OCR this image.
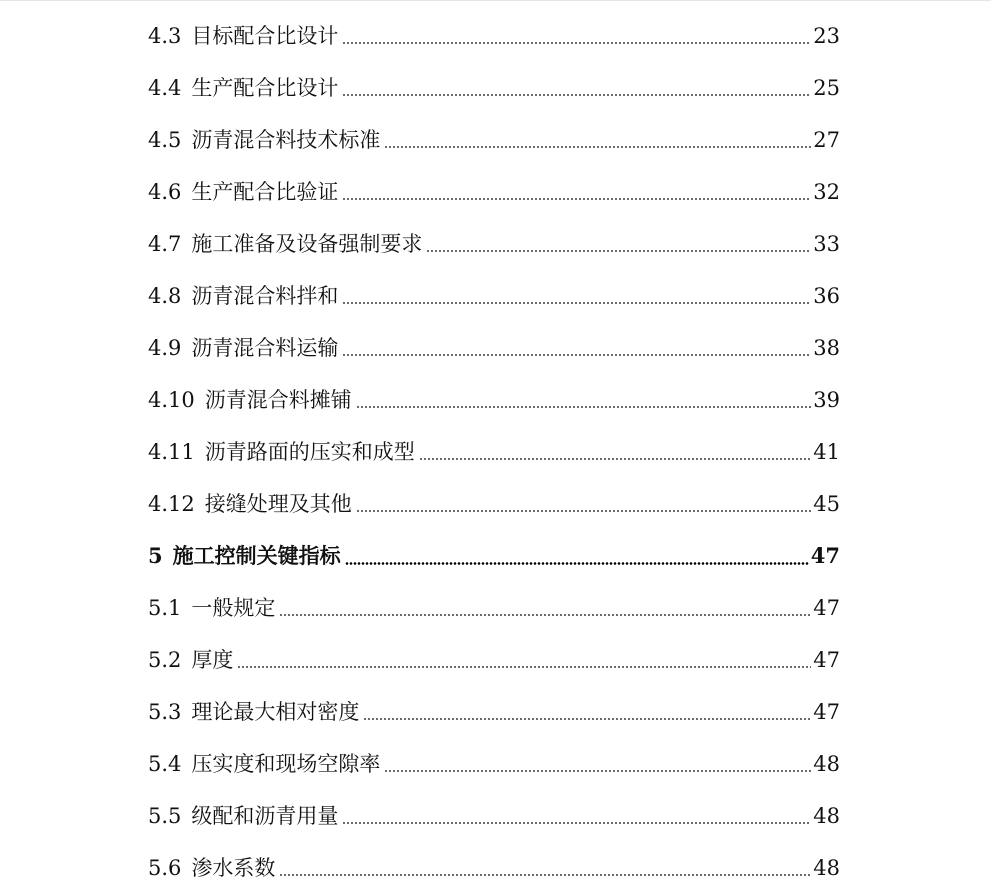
4.3 目标配合比设计	23
4.4 生产配合比设计	25
4.5 沥青混合料技术标准	27
4.6 生产配合比验证	32
4.7 施工准备及设备强制要求	33
4.8 沥青混合料拌和	36
4.9 沥青混合料运输	38
4.10 沥青混合料摊铺	39
4.11 沥青路面的压实和成型	41
4.12 接缝处理及其他	45
5 施工控制关键指标	47
5.1 一般规定	47
5.2 厚度	47
5.3 理论最大相对密度	47
5.4 压实度和现场空隙率	48
5.5 级配和沥青用量	48
5.6 渗水系数	48
